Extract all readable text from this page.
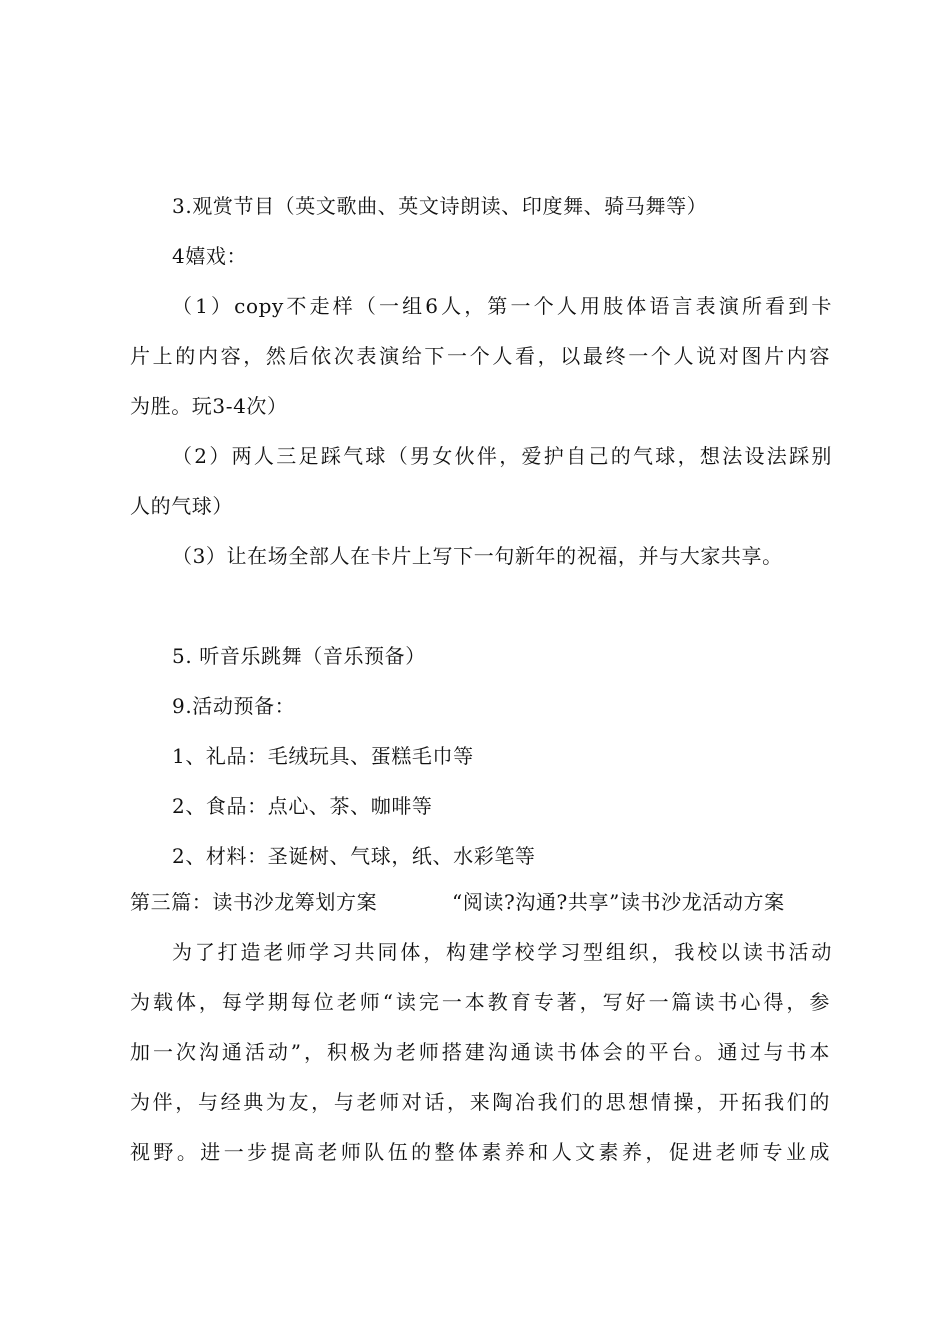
3.观赏节目（英文歌曲、英文诗朗读、印度舞、骑马舞等）
4嬉戏：
（1）copy不走样（一组6人，第一个人用肢体语言表演所看到卡
片上的内容，然后依次表演给下一个人看，以最终一个人说对图片内容
为胜。玩3-4次）
（2）两人三足踩气球（男女伙伴，爱护自己的气球，想法设法踩别
人的气球）
（3）让在场全部人在卡片上写下一句新年的祝福，并与大家共享。
5. 听音乐跳舞（音乐预备）
9.活动预备：
1、礼品：毛绒玩具、蛋糕毛巾等
2、食品：点心、茶、咖啡等
2、材料：圣诞树、气球，纸、水彩笔等
第三篇：读书沙龙筹划方案	“阅读?沟通?共享”读书沙龙活动方案
为了打造老师学习共同体，构建学校学习型组织，我校以读书活动
为载体，每学期每位老师“读完一本教育专著，写好一篇读书心得，参
加一次沟通活动”，积极为老师搭建沟通读书体会的平台。通过与书本
为伴，与经典为友，与老师对话，来陶冶我们的思想情操，开拓我们的
视野。进一步提高老师队伍的整体素养和人文素养，促进老师专业成
